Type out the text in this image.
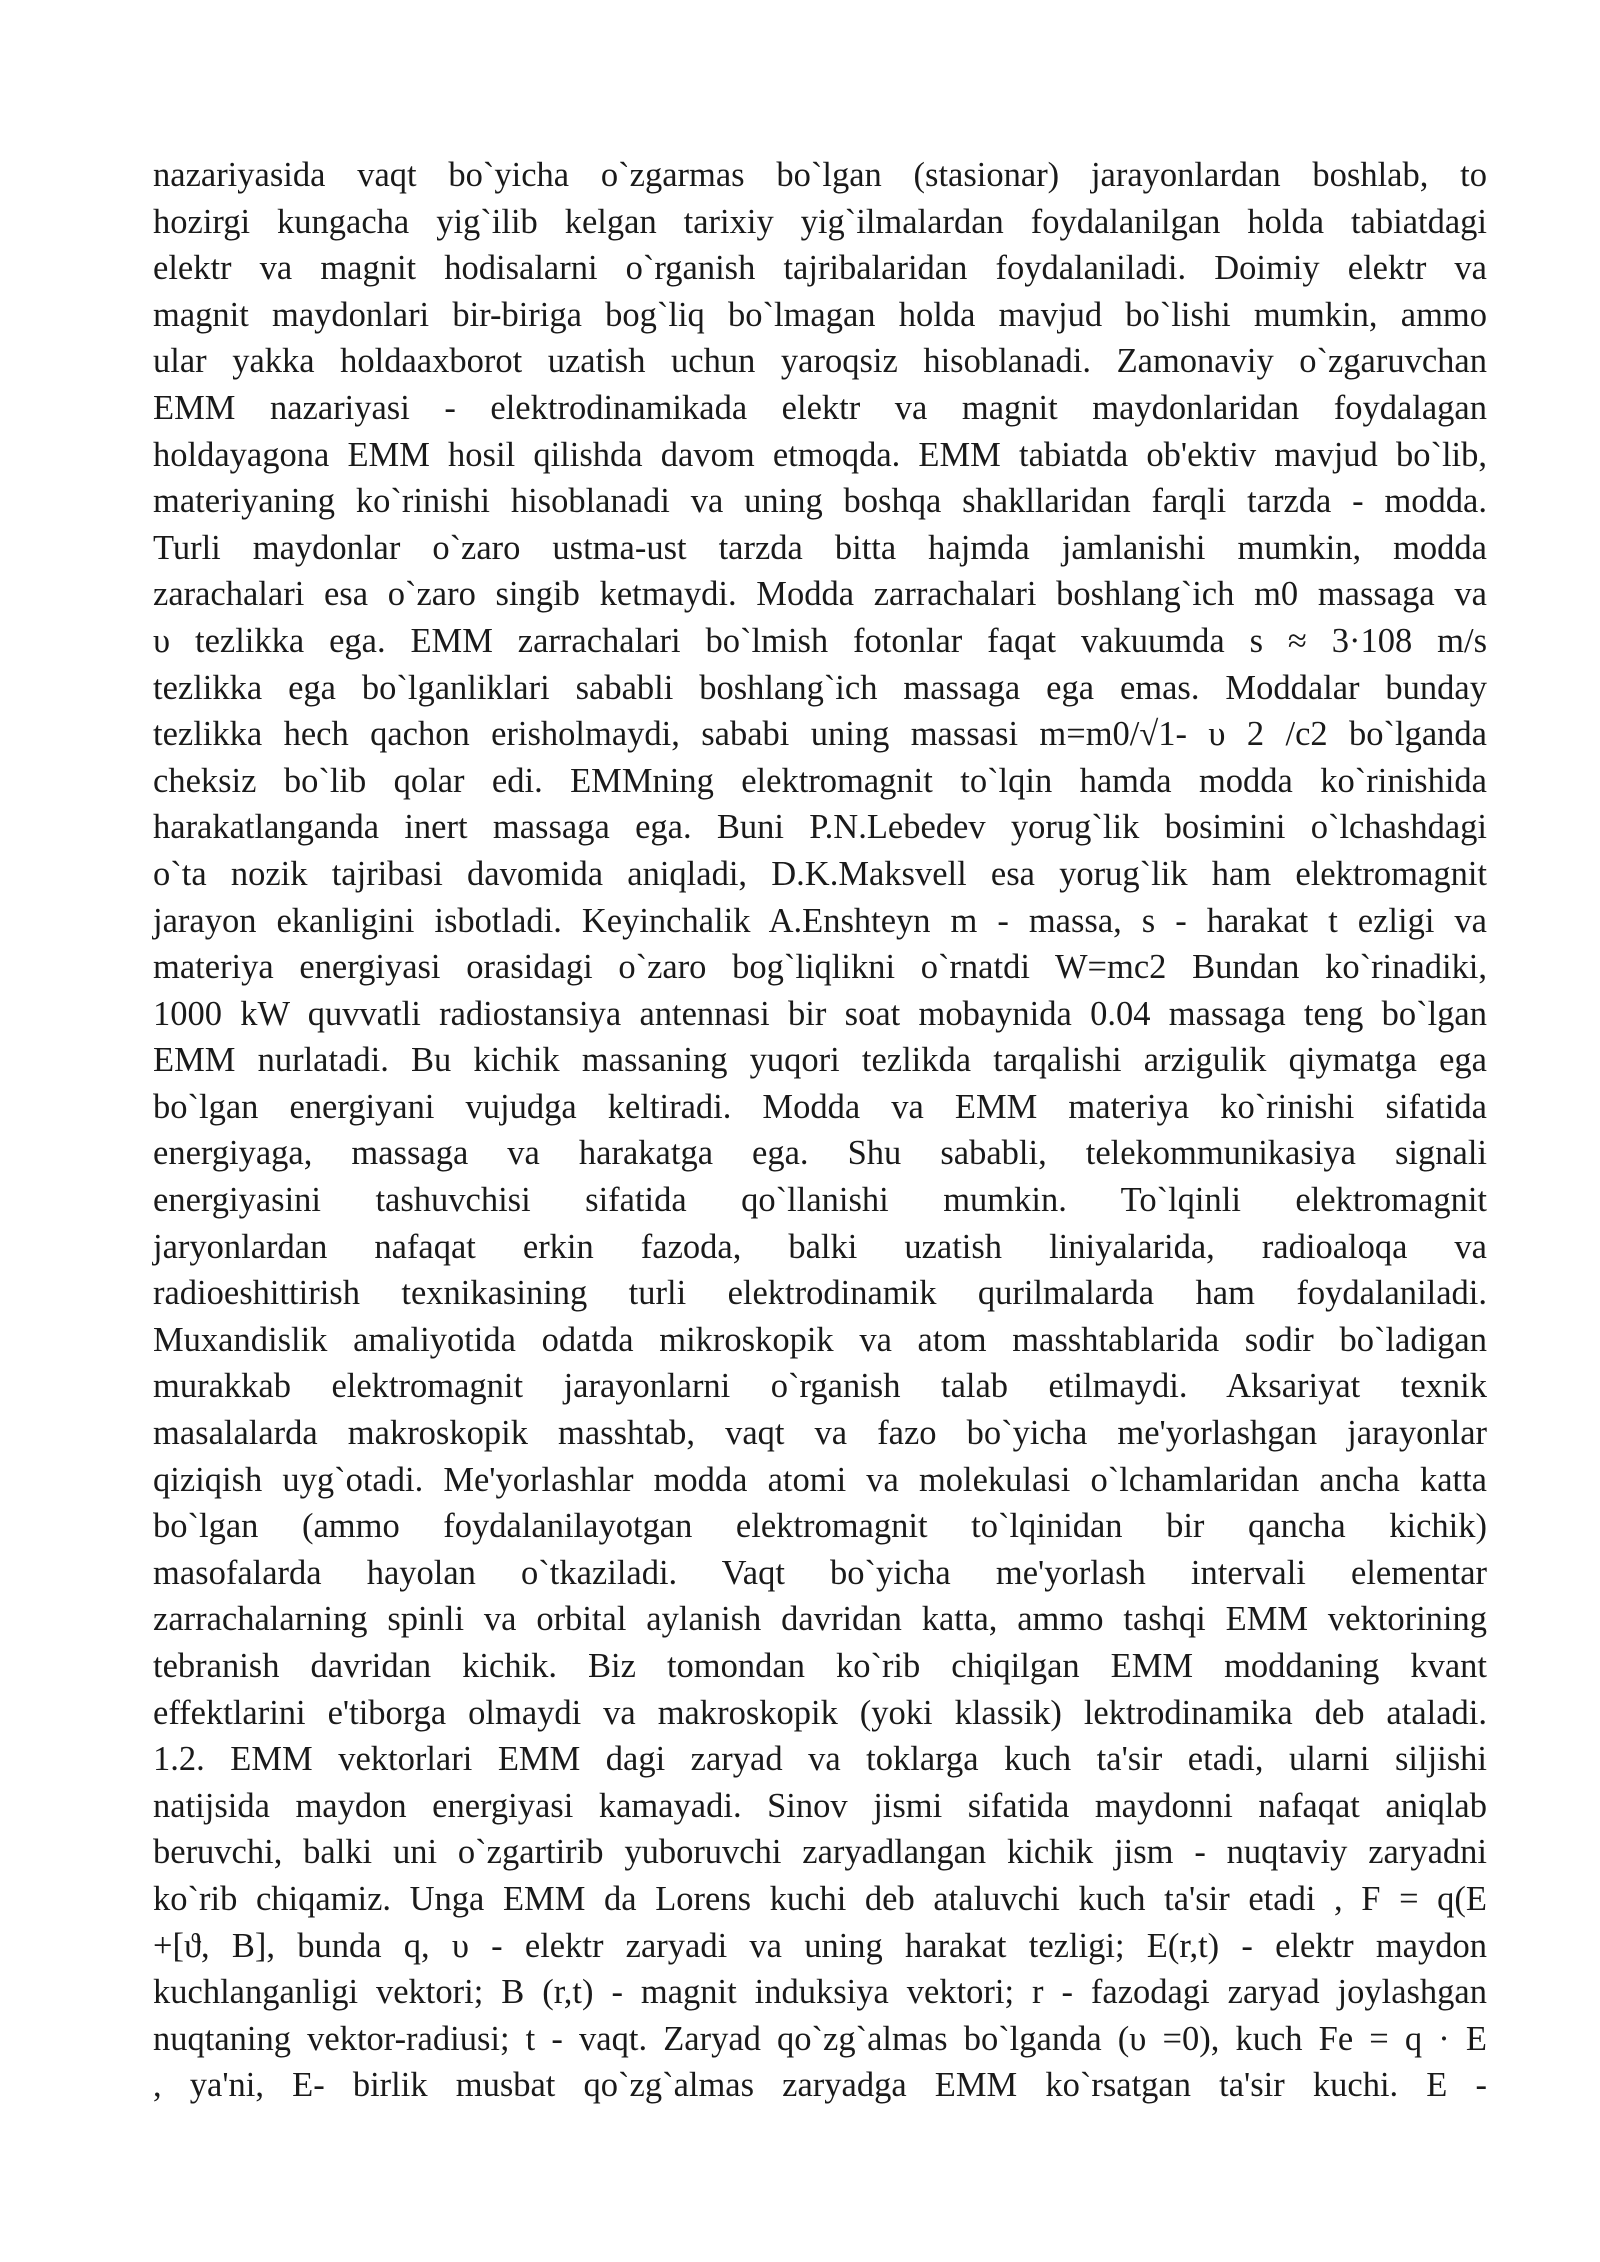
nazariyasida vaqt bo`yicha o`zgarmas bo`lgan (stasionar) jarayonlardan boshlab, to
hozirgi kungacha yig`ilib kelgan tarixiy yig`ilmalardan foydalanilgan holda tabiatdagi
elektr va magnit hodisalarni o`rganish tajribalaridan foydalaniladi. Doimiy elektr va
magnit maydonlari bir-biriga bog`liq bo`lmagan holda mavjud bo`lishi mumkin, ammo
ular yakka holdaaxborot uzatish uchun yaroqsiz hisoblanadi. Zamonaviy o`zgaruvchan
EMM nazariyasi - elektrodinamikada elektr va magnit maydonlaridan foydalagan
holdayagona EMM hosil qilishda davom etmoqda. EMM tabiatda ob'ektiv mavjud bo`lib,
materiyaning ko`rinishi hisoblanadi va uning boshqa shakllaridan farqli tarzda - modda.
Turli maydonlar o`zaro ustma-ust tarzda bitta hajmda jamlanishi mumkin, modda
zarachalari esa o`zaro singib ketmaydi. Modda zarrachalari boshlang`ich m0 massaga va
υ tezlikka ega. EMM zarrachalari bo`lmish fotonlar faqat vakuumda s ≈ 3·108 m/s
tezlikka ega bo`lganliklari sababli boshlang`ich massaga ega emas. Moddalar bunday
tezlikka hech qachon erisholmaydi, sababi uning massasi m=m0/√1- υ 2 /c2 bo`lganda
cheksiz bo`lib qolar edi. EMMning elektromagnit to`lqin hamda modda ko`rinishida
harakatlanganda inert massaga ega. Buni P.N.Lebedev yorug`lik bosimini o`lchashdagi
o`ta nozik tajribasi davomida aniqladi, D.K.Maksvell esa yorug`lik ham elektromagnit
jarayon ekanligini isbotladi. Keyinchalik A.Enshteyn m - massa, s - harakat t ezligi va
materiya energiyasi orasidagi o`zaro bog`liqlikni o`rnatdi W=mc2 Bundan ko`rinadiki,
1000 kW quvvatli radiostansiya antennasi bir soat mobaynida 0.04 massaga teng bo`lgan
EMM nurlatadi. Bu kichik massaning yuqori tezlikda tarqalishi arzigulik qiymatga ega
bo`lgan energiyani vujudga keltiradi. Modda va EMM materiya ko`rinishi sifatida
energiyaga, massaga va harakatga ega. Shu sababli, telekommunikasiya signali
energiyasini tashuvchisi sifatida qo`llanishi mumkin. To`lqinli elektromagnit
jaryonlardan nafaqat erkin fazoda, balki uzatish liniyalarida, radioaloqa va
radioeshittirish texnikasining turli elektrodinamik qurilmalarda ham foydalaniladi.
Muxandislik amaliyotida odatda mikroskopik va atom masshtablarida sodir bo`ladigan
murakkab elektromagnit jarayonlarni o`rganish talab etilmaydi. Aksariyat texnik
masalalarda makroskopik masshtab, vaqt va fazo bo`yicha me'yorlashgan jarayonlar
qiziqish uyg`otadi. Me'yorlashlar modda atomi va molekulasi o`lchamlaridan ancha katta
bo`lgan (ammo foydalanilayotgan elektromagnit to`lqinidan bir qancha kichik)
masofalarda hayolan o`tkaziladi. Vaqt bo`yicha me'yorlash intervali elementar
zarrachalarning spinli va orbital aylanish davridan katta, ammo tashqi EMM vektorining
tebranish davridan kichik. Biz tomondan ko`rib chiqilgan EMM moddaning kvant
effektlarini e'tiborga olmaydi va makroskopik (yoki klassik) lektrodinamika deb ataladi.
1.2. EMM vektorlari EMM dagi zaryad va toklarga kuch ta'sir etadi, ularni siljishi
natijsida maydon energiyasi kamayadi. Sinov jismi sifatida maydonni nafaqat aniqlab
beruvchi, balki uni o`zgartirib yuboruvchi zaryadlangan kichik jism - nuqtaviy zaryadni
ko`rib chiqamiz. Unga EMM da Lorens kuchi deb ataluvchi kuch ta'sir etadi , F = q(E
+[ϑ, B], bunda q, υ - elektr zaryadi va uning harakat tezligi; E(r,t) - elektr maydon
kuchlanganligi vektori; B (r,t) - magnit induksiya vektori; r - fazodagi zaryad joylashgan
nuqtaning vektor-radiusi; t - vaqt. Zaryad qo`zg`almas bo`lganda (υ =0), kuch Fe = q · E
, ya'ni, E- birlik musbat qo`zg`almas zaryadga EMM ko`rsatgan ta'sir kuchi. E -
